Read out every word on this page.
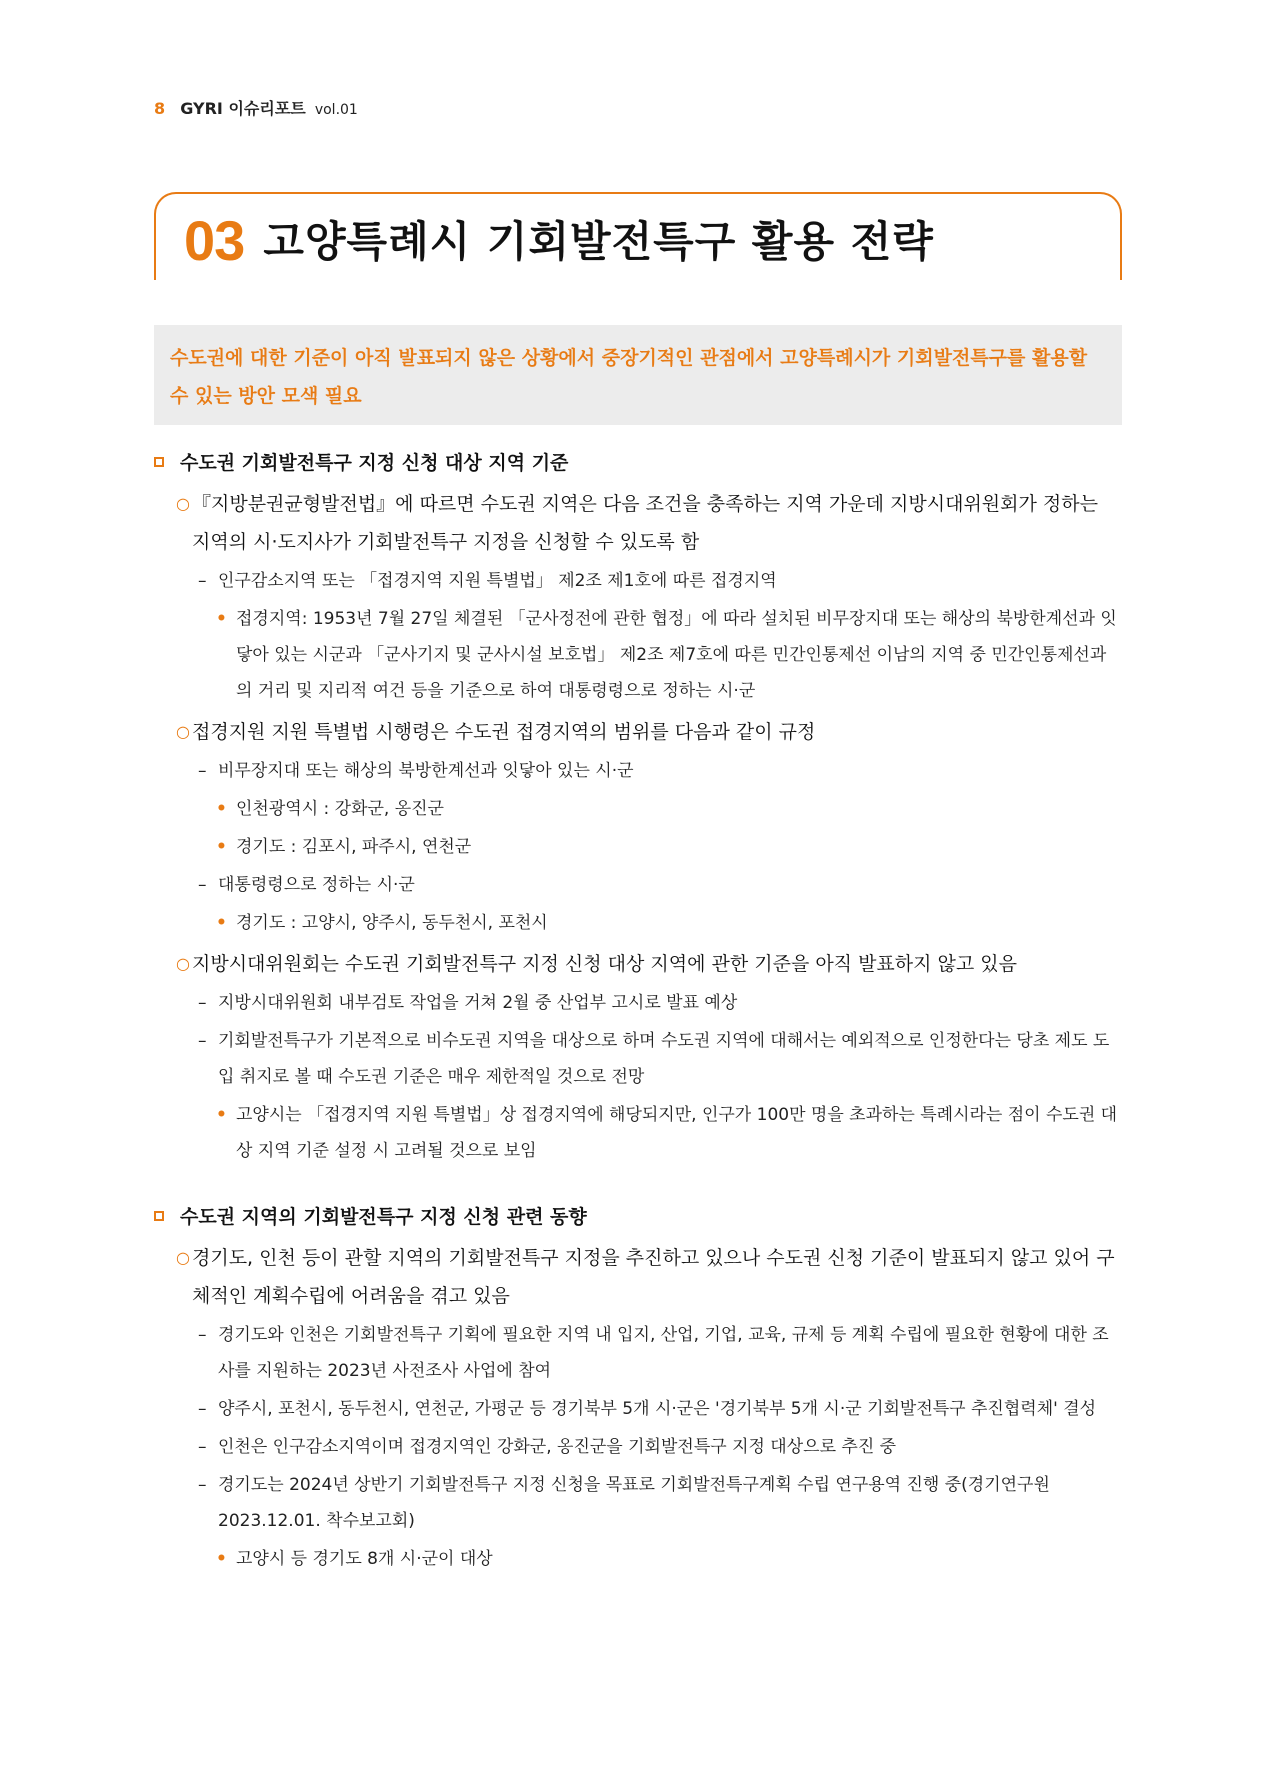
8 GYRI 이슈리포트 vol.01
03 고양특례시 기회발전특구 활용 전략
수도권에 대한 기준이 아직 발표되지 않은 상황에서 중장기적인 관점에서 고양특례시가 기회발전특구를 활용할 수 있는 방안 모색 필요
수도권 기회발전특구 지정 신청 대상 지역 기준
○ 『지방분권균형발전법』에 따르면 수도권 지역은 다음 조건을 충족하는 지역 가운데 지방시대위원회가 정하는 지역의 시·도지사가 기회발전특구 지정을 신청할 수 있도록 함
– 인구감소지역 또는 「접경지역 지원 특별법」 제2조 제1호에 따른 접경지역
• 접경지역: 1953년 7월 27일 체결된 「군사정전에 관한 협정」에 따라 설치된 비무장지대 또는 해상의 북방한계선과 잇닿아 있는 시군과 「군사기지 및 군사시설 보호법」 제2조 제7호에 따른 민간인통제선 이남의 지역 중 민간인통제선과의 거리 및 지리적 여건 등을 기준으로 하여 대통령령으로 정하는 시·군
○ 접경지원 지원 특별법 시행령은 수도권 접경지역의 범위를 다음과 같이 규정
– 비무장지대 또는 해상의 북방한계선과 잇닿아 있는 시·군
• 인천광역시 : 강화군, 옹진군
• 경기도 : 김포시, 파주시, 연천군
– 대통령령으로 정하는 시·군
• 경기도 : 고양시, 양주시, 동두천시, 포천시
○ 지방시대위원회는 수도권 기회발전특구 지정 신청 대상 지역에 관한 기준을 아직 발표하지 않고 있음
– 지방시대위원회 내부검토 작업을 거쳐 2월 중 산업부 고시로 발표 예상
– 기회발전특구가 기본적으로 비수도권 지역을 대상으로 하며 수도권 지역에 대해서는 예외적으로 인정한다는 당초 제도 도입 취지로 볼 때 수도권 기준은 매우 제한적일 것으로 전망
• 고양시는 「접경지역 지원 특별법」상 접경지역에 해당되지만, 인구가 100만 명을 초과하는 특례시라는 점이 수도권 대상 지역 기준 설정 시 고려될 것으로 보임
수도권 지역의 기회발전특구 지정 신청 관련 동향
○ 경기도, 인천 등이 관할 지역의 기회발전특구 지정을 추진하고 있으나 수도권 신청 기준이 발표되지 않고 있어 구체적인 계획수립에 어려움을 겪고 있음
– 경기도와 인천은 기회발전특구 기획에 필요한 지역 내 입지, 산업, 기업, 교육, 규제 등 계획 수립에 필요한 현황에 대한 조사를 지원하는 2023년 사전조사 사업에 참여
– 양주시, 포천시, 동두천시, 연천군, 가평군 등 경기북부 5개 시·군은 '경기북부 5개 시·군 기회발전특구 추진협력체' 결성
– 인천은 인구감소지역이며 접경지역인 강화군, 옹진군을 기회발전특구 지정 대상으로 추진 중
– 경기도는 2024년 상반기 기회발전특구 지정 신청을 목표로 기회발전특구계획 수립 연구용역 진행 중(경기연구원 2023.12.01. 착수보고회)
• 고양시 등 경기도 8개 시·군이 대상
